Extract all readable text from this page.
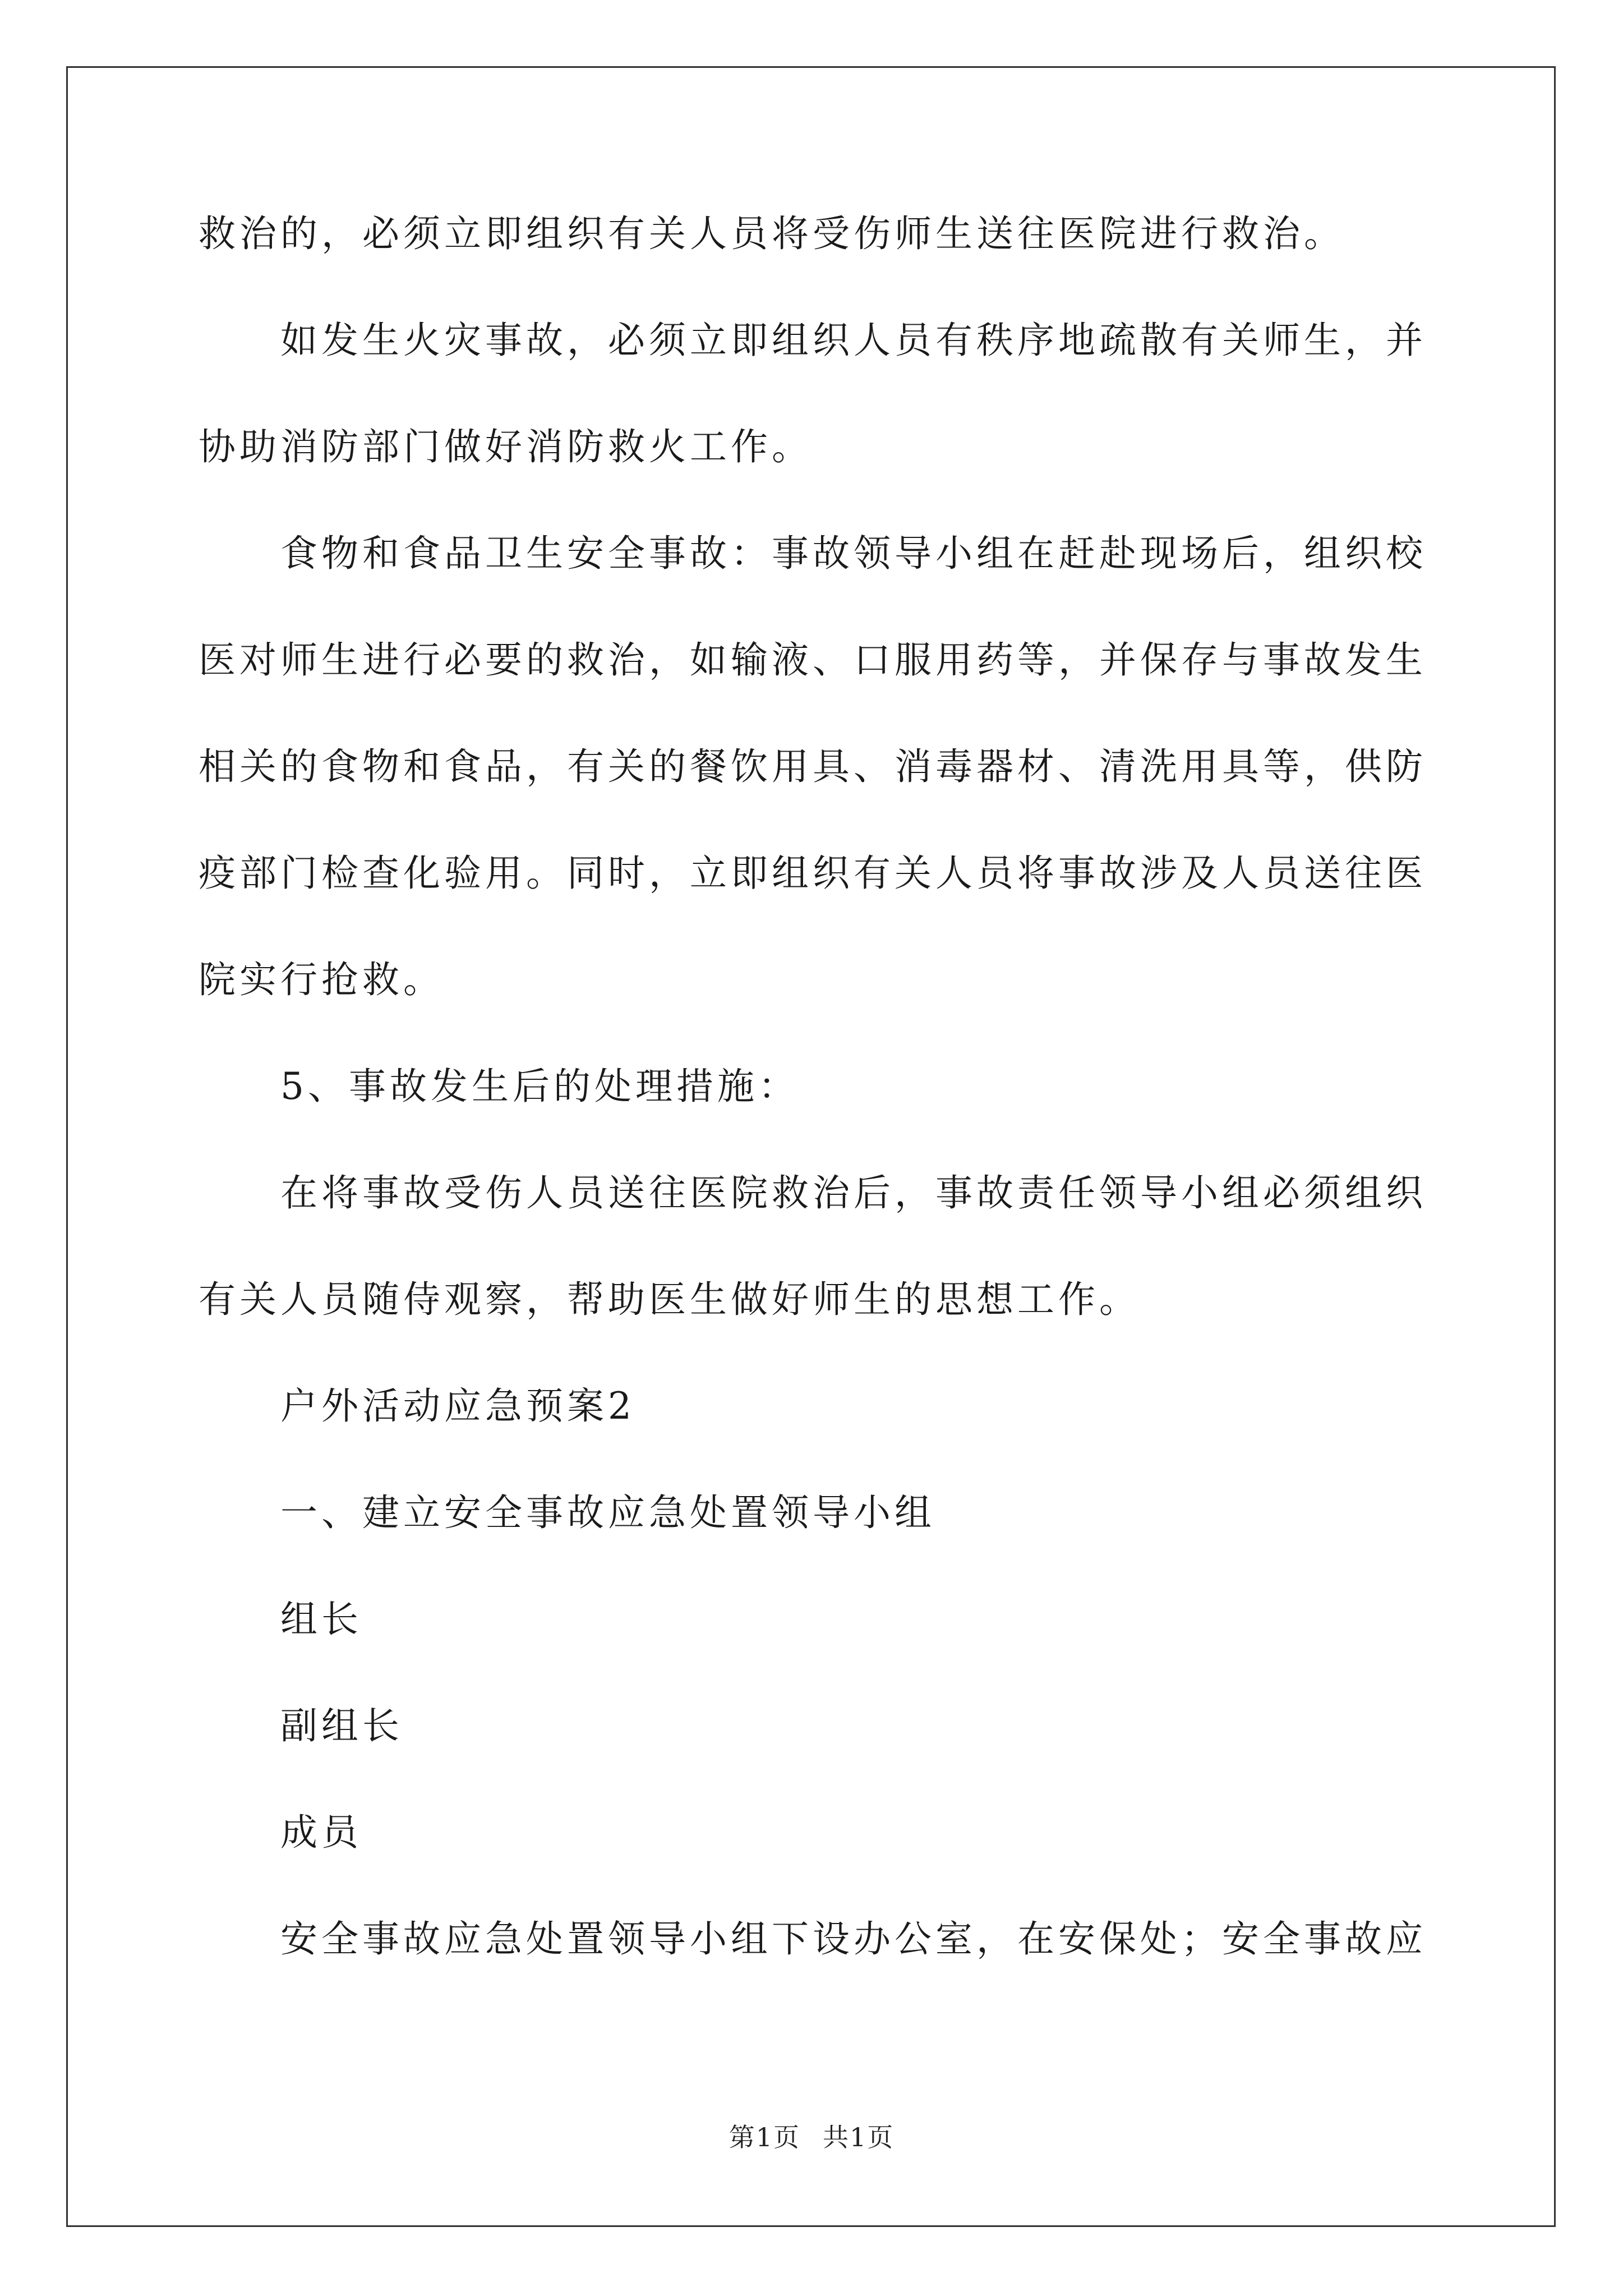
救治的，必须立即组织有关人员将受伤师生送往医院进行救治。

如发生火灾事故，必须立即组织人员有秩序地疏散有关师生，并

协助消防部门做好消防救火工作。

食物和食品卫生安全事故：事故领导小组在赶赴现场后，组织校

医对师生进行必要的救治，如输液、口服用药等，并保存与事故发生

相关的食物和食品，有关的餐饮用具、消毒器材、清洗用具等，供防

疫部门检查化验用。同时，立即组织有关人员将事故涉及人员送往医

院实行抢救。

5、事故发生后的处理措施：

在将事故受伤人员送往医院救治后，事故责任领导小组必须组织

有关人员随侍观察，帮助医生做好师生的思想工作。

户外活动应急预案2

一、建立安全事故应急处置领导小组

组长

副组长

成员

安全事故应急处置领导小组下设办公室，在安保处；安全事故应

第1页 共1页
